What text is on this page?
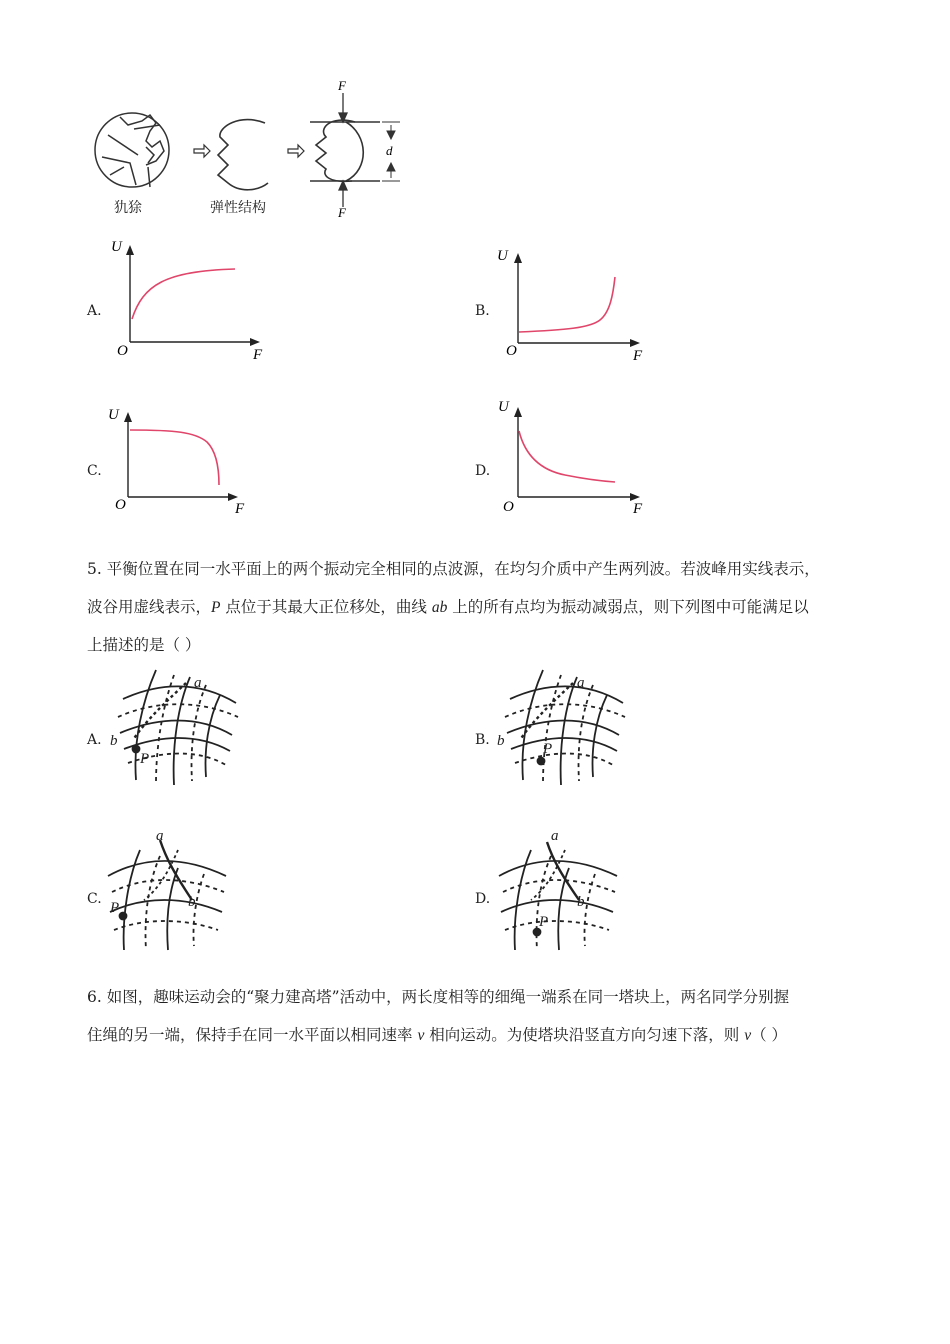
F
F
d
犰狳	弹性结构
A.
U
F
O
B.
U
F
O
C.
U
F
O
D.
U
F
O
5. 平衡位置在同一水平面上的两个振动完全相同的点波源，在均匀介质中产生两列波。若波峰用实线表示，
波谷用虚线表示，P 点位于其最大正位移处，曲线 ab 上的所有点均为振动减弱点，则下列图中可能满足以
上描述的是（ ）
A.
a
b
P
B.
a
b	P
C.
a
b
P
D.
a
b
P
6. 如图，趣味运动会的“聚力建高塔”活动中，两长度相等的细绳一端系在同一塔块上，两名同学分别握
住绳的另一端，保持手在同一水平面以相同速率 v 相向运动。为使塔块沿竖直方向匀速下落，则 v（ ）
